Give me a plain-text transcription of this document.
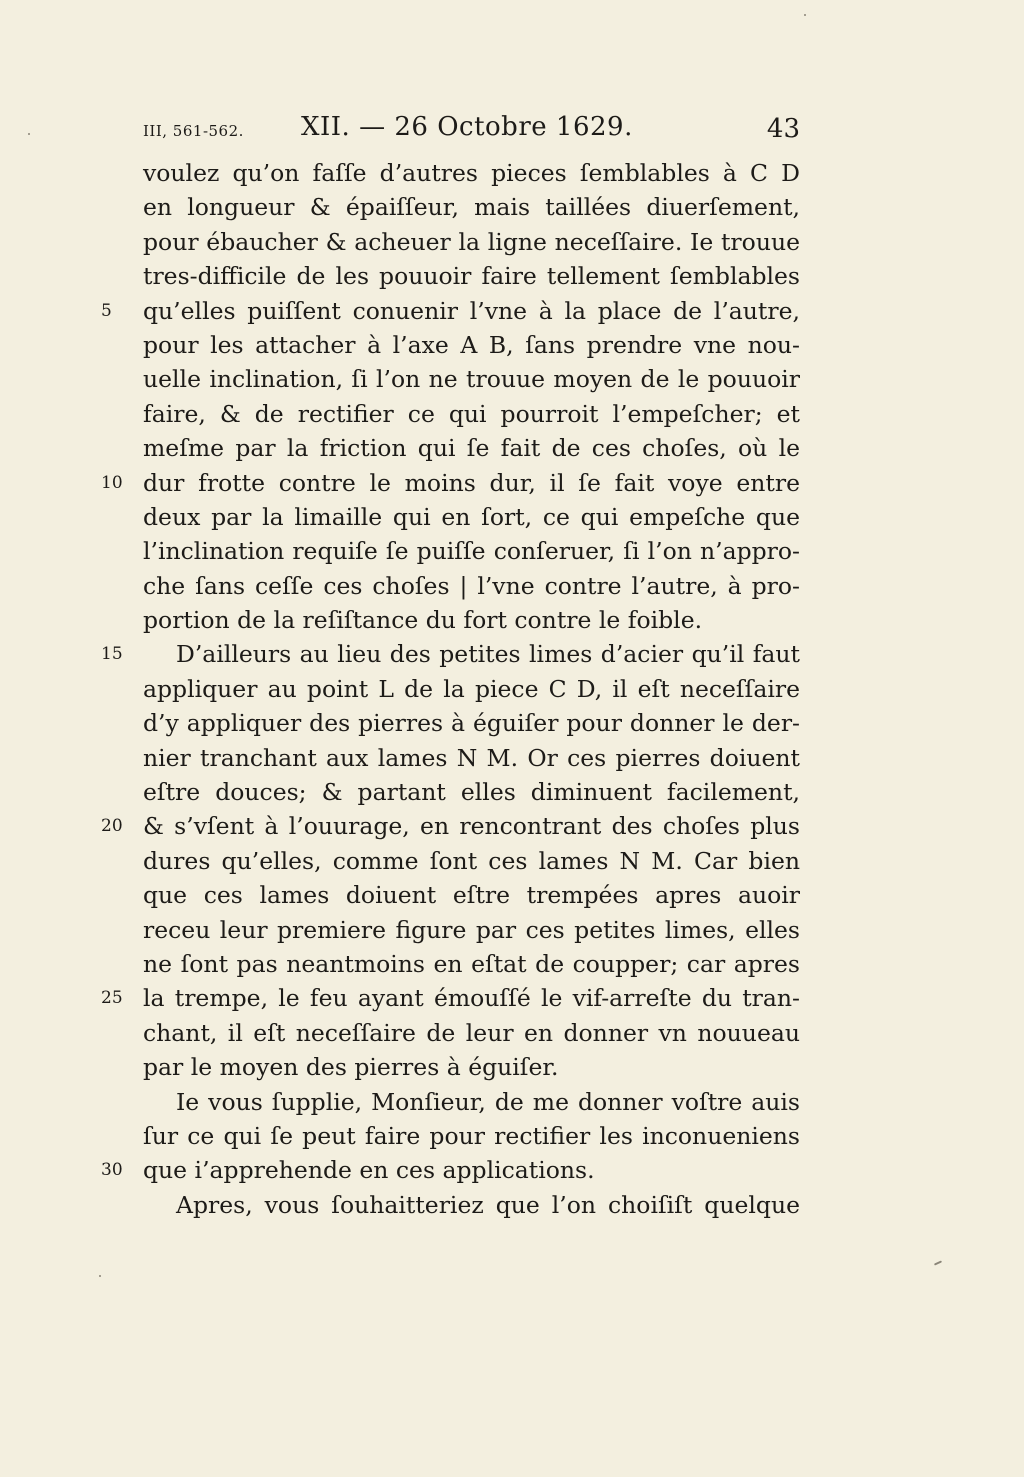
III, 561-562. XII. — 26 Octobre 1629.	43
voulez qu’on faſſe d’autres pieces ſemblables à C D
en longueur & épaiſſeur, mais taillées diuerſement,
pour ébaucher & acheuer la ligne neceſſaire. Ie trouue
tres-difficile de les pouuoir faire tellement ſemblables
5	qu’elles puiſſent conuenir l’vne à la place de l’autre,
pour les attacher à l’axe A B, ſans prendre vne nou-
uelle inclination, ſi l’on ne trouue moyen de le pouuoir
faire, & de rectifier ce qui pourroit l’empeſcher; et
meſme par la friction qui ſe fait de ces choſes, où le
10 dur frotte contre le moins dur, il ſe fait voye entre
deux par la limaille qui en ſort, ce qui empeſche que
l’inclination requiſe ſe puiſſe conſeruer, ſi l’on n’appro-
che ſans ceſſe ces choſes | l’vne contre l’autre, à pro-
portion de la reſiſtance du fort contre le foible.
15 D’ailleurs au lieu des petites limes d’acier qu’il faut
appliquer au point L de la piece C D, il eſt neceſſaire
d’y appliquer des pierres à éguiſer pour donner le der-
nier tranchant aux lames N M. Or ces pierres doiuent
eſtre douces; & partant elles diminuent facilement,
20 & s’vſent à l’ouurage, en rencontrant des choſes plus
dures qu’elles, comme ſont ces lames N M. Car bien
que ces lames doiuent eſtre trempées apres auoir
receu leur premiere figure par ces petites limes, elles
ne ſont pas neantmoins en eſtat de coupper; car apres
25 la trempe, le feu ayant émouſſé le vif-arreſte du tran-
chant, il eſt neceſſaire de leur en donner vn nouueau
par le moyen des pierres à éguiſer.
Ie vous ſupplie, Monſieur, de me donner voſtre auis
ſur ce qui ſe peut faire pour rectifier les inconueniens
30 que i’apprehende en ces applications.
Apres, vous ſouhaitteriez que l’on choiſiſt quelque
